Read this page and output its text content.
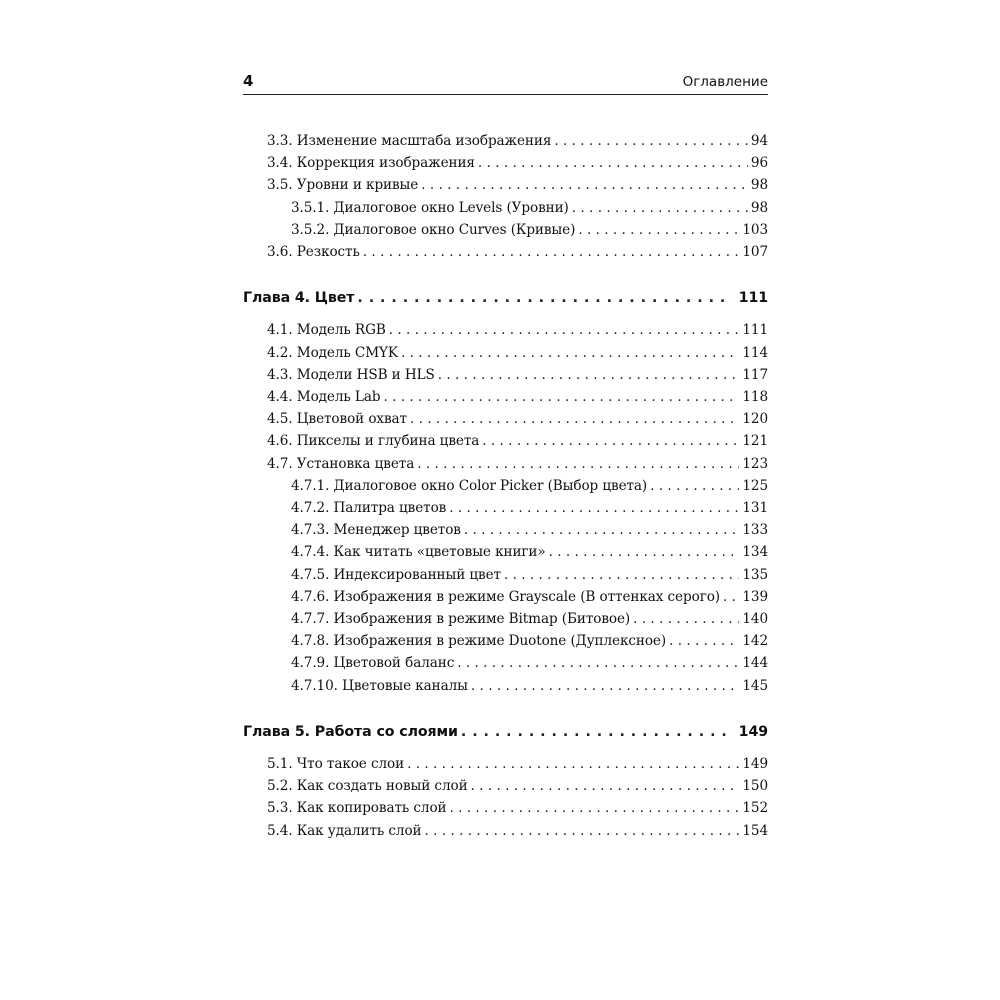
4	Оглавление
3.3. Изменение масштаба изображения . . .	94
3.4. Коррекция изображения . . .	96
3.5. Уровни и кривые . . .	98
3.5.1. Диалоговое окно Levels (Уровни) . . .	98
3.5.2. Диалоговое окно Curves (Кривые) . . .	103
3.6. Резкость . . .	107
Глава 4. Цвет . . .	111
4.1. Модель RGB . . .	111
4.2. Модель CMYK . . .	114
4.3. Модели HSB и HLS . . .	117
4.4. Модель Lab . . .	118
4.5. Цветовой охват . . .	120
4.6. Пикселы и глубина цвета . . .	121
4.7. Установка цвета . . .	123
4.7.1. Диалоговое окно Color Picker (Выбор цвета) . . .	125
4.7.2. Палитра цветов . . .	131
4.7.3. Менеджер цветов . . .	133
4.7.4. Как читать «цветовые книги» . . .	134
4.7.5. Индексированный цвет . . .	135
4.7.6. Изображения в режиме Grayscale (В оттенках серого) . . . 139
4.7.7. Изображения в режиме Bitmap (Битовое) . . .	140
4.7.8. Изображения в режиме Duotone (Дуплексное) . . .	142
4.7.9. Цветовой баланс . . .	144
4.7.10. Цветовые каналы . . .	145
Глава 5. Работа со слоями . . .	149
5.1. Что такое слои . . .	149
5.2. Как создать новый слой . . .	150
5.3. Как копировать слой . . .	152
5.4. Как удалить слой . . .	154
